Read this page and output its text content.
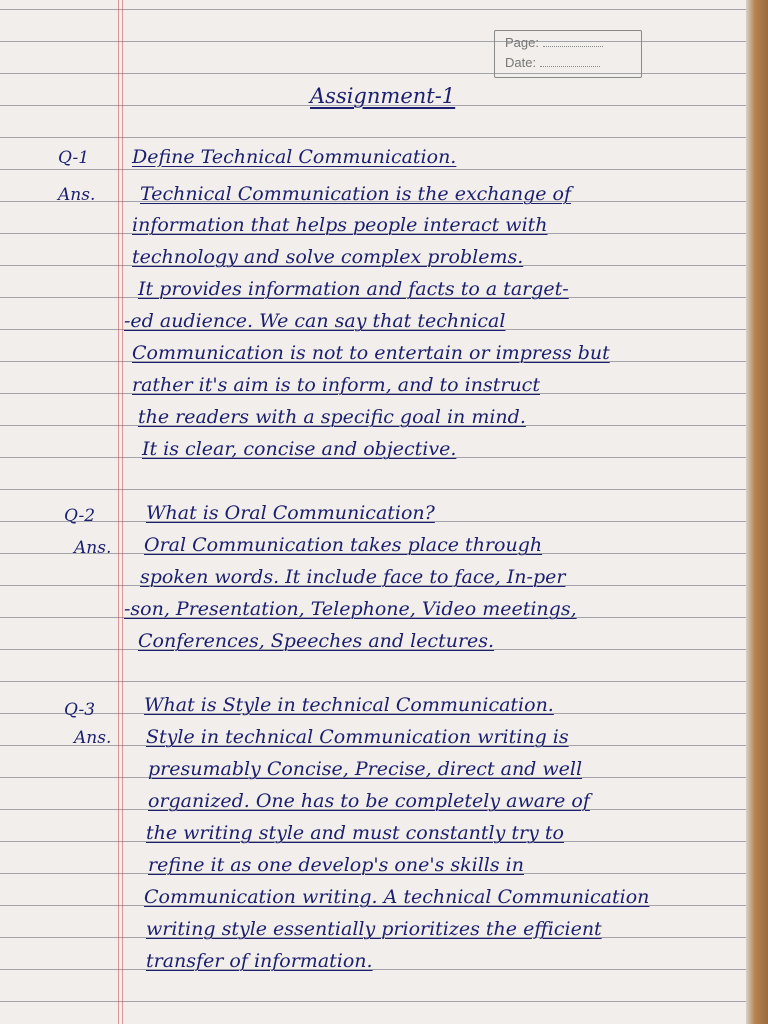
Page:
Date:
Assignment-1
Q-1 Define Technical Communication.
Ans. Technical Communication is the exchange of
information that helps people interact with
technology and solve complex problems.
It provides information and facts to a target-
-ed audience. We can say that technical
Communication is not to entertain or impress but
rather it's aim is to inform, and to instruct
the readers with a specific goal in mind.
It is clear, concise and objective.
Q-2	What is Oral Communication?
Ans. Oral Communication takes place through
spoken words. It include face to face, In-per
-son, Presentation, Telephone, Video meetings,
Conferences, Speeches and lectures.
Q-3	What is Style in technical Communication.
Ans. Style in technical Communication writing is
presumably Concise, Precise, direct and well
organized. One has to be completely aware of
the writing style and must constantly try to
refine it as one develop's one's skills in
Communication writing. A technical Communication
writing style essentially prioritizes the efficient
transfer of information.
